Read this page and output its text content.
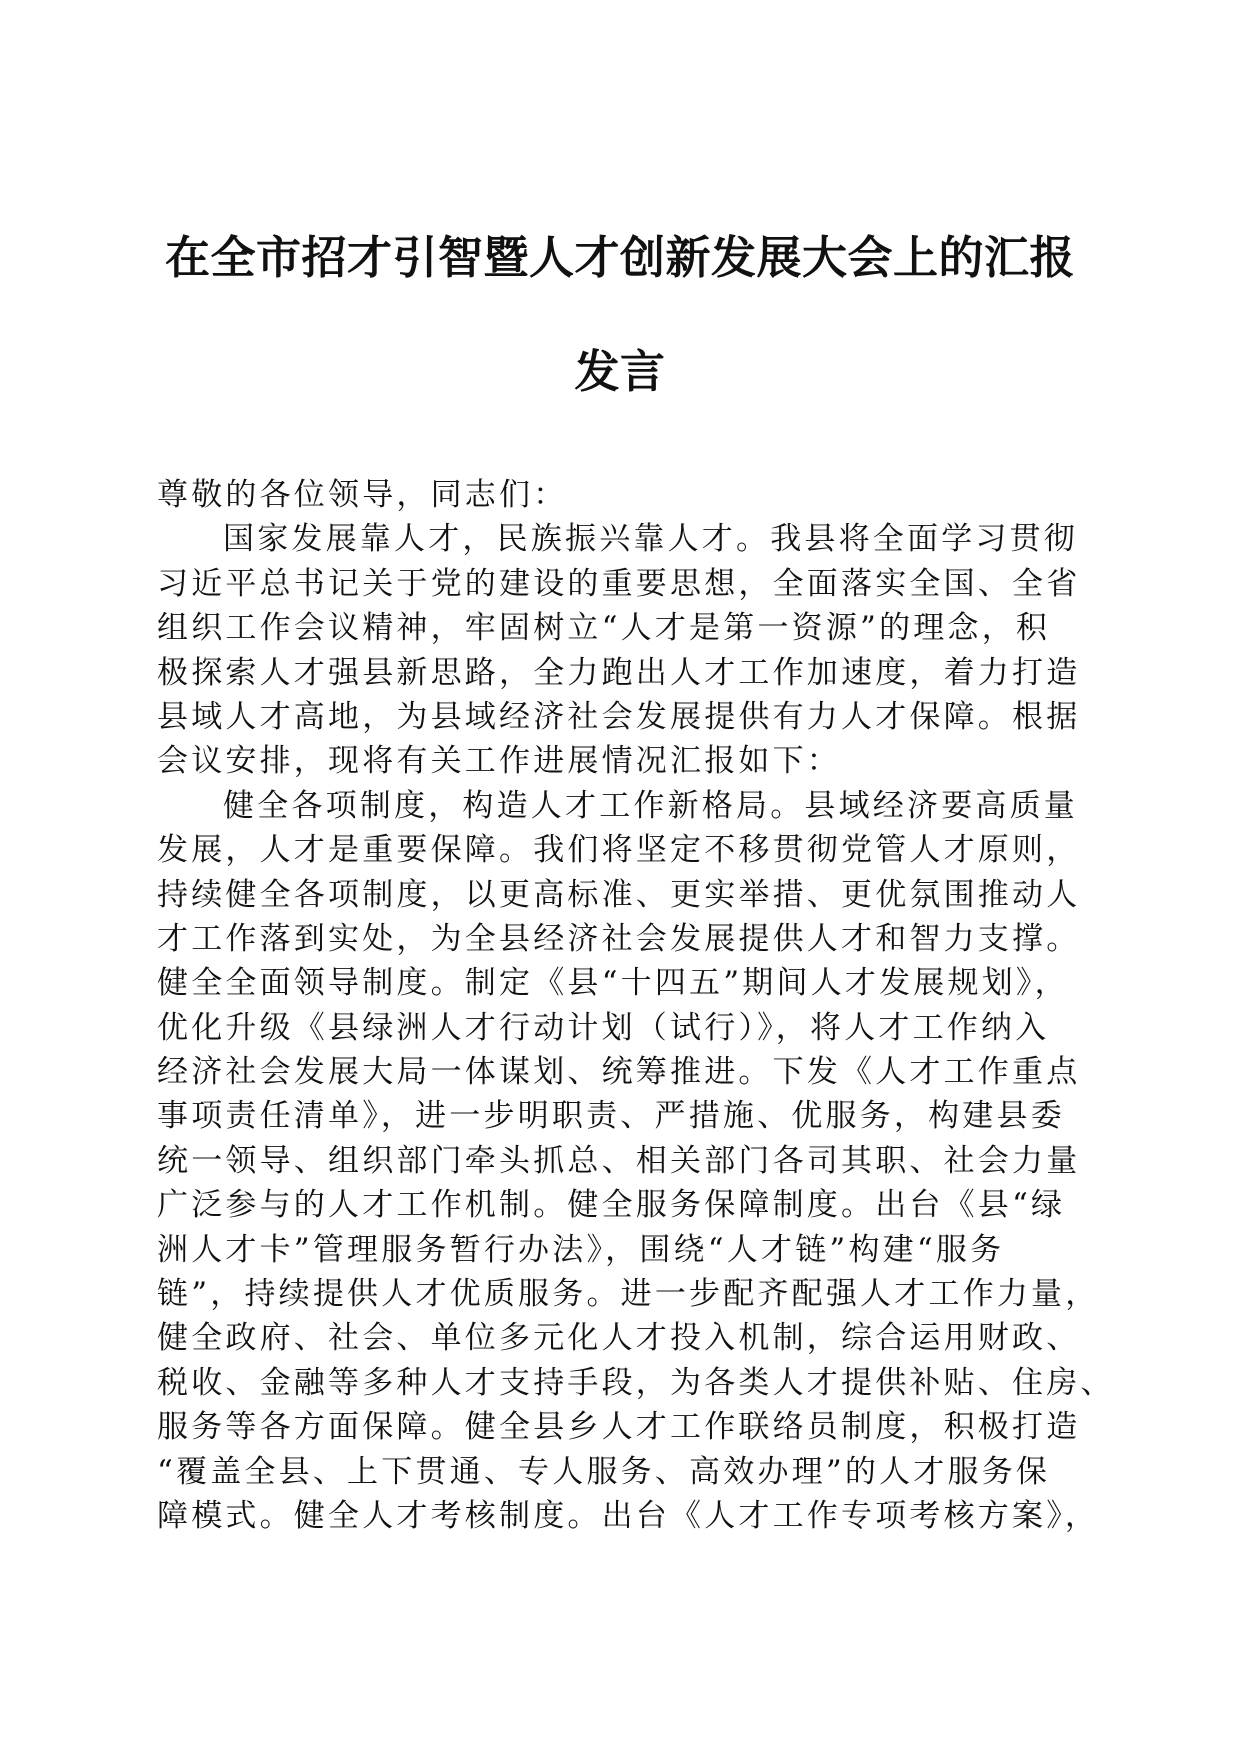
在全市招才引智暨人才创新发展大会上的汇报
发言
尊敬的各位领导，同志们：
国家发展靠人才，民族振兴靠人才。我县将全面学习贯彻
习近平总书记关于党的建设的重要思想，全面落实全国、全省
组织工作会议精神，牢固树立“人才是第一资源”的理念，积
极探索人才强县新思路，全力跑出人才工作加速度，着力打造
县域人才高地，为县域经济社会发展提供有力人才保障。根据
会议安排，现将有关工作进展情况汇报如下：
健全各项制度，构造人才工作新格局。县域经济要高质量
发展，人才是重要保障。我们将坚定不移贯彻党管人才原则，
持续健全各项制度，以更高标准、更实举措、更优氛围推动人
才工作落到实处，为全县经济社会发展提供人才和智力支撑。
健全全面领导制度。制定《县“十四五”期间人才发展规划》，
优化升级《县绿洲人才行动计划（试行）》，将人才工作纳入
经济社会发展大局一体谋划、统筹推进。下发《人才工作重点
事项责任清单》，进一步明职责、严措施、优服务，构建县委
统一领导、组织部门牵头抓总、相关部门各司其职、社会力量
广泛参与的人才工作机制。健全服务保障制度。出台《县“绿
洲人才卡”管理服务暂行办法》，围绕“人才链”构建“服务
链”，持续提供人才优质服务。进一步配齐配强人才工作力量，
健全政府、社会、单位多元化人才投入机制，综合运用财政、
税收、金融等多种人才支持手段，为各类人才提供补贴、住房、
服务等各方面保障。健全县乡人才工作联络员制度，积极打造
“覆盖全县、上下贯通、专人服务、高效办理”的人才服务保
障模式。健全人才考核制度。出台《人才工作专项考核方案》，
